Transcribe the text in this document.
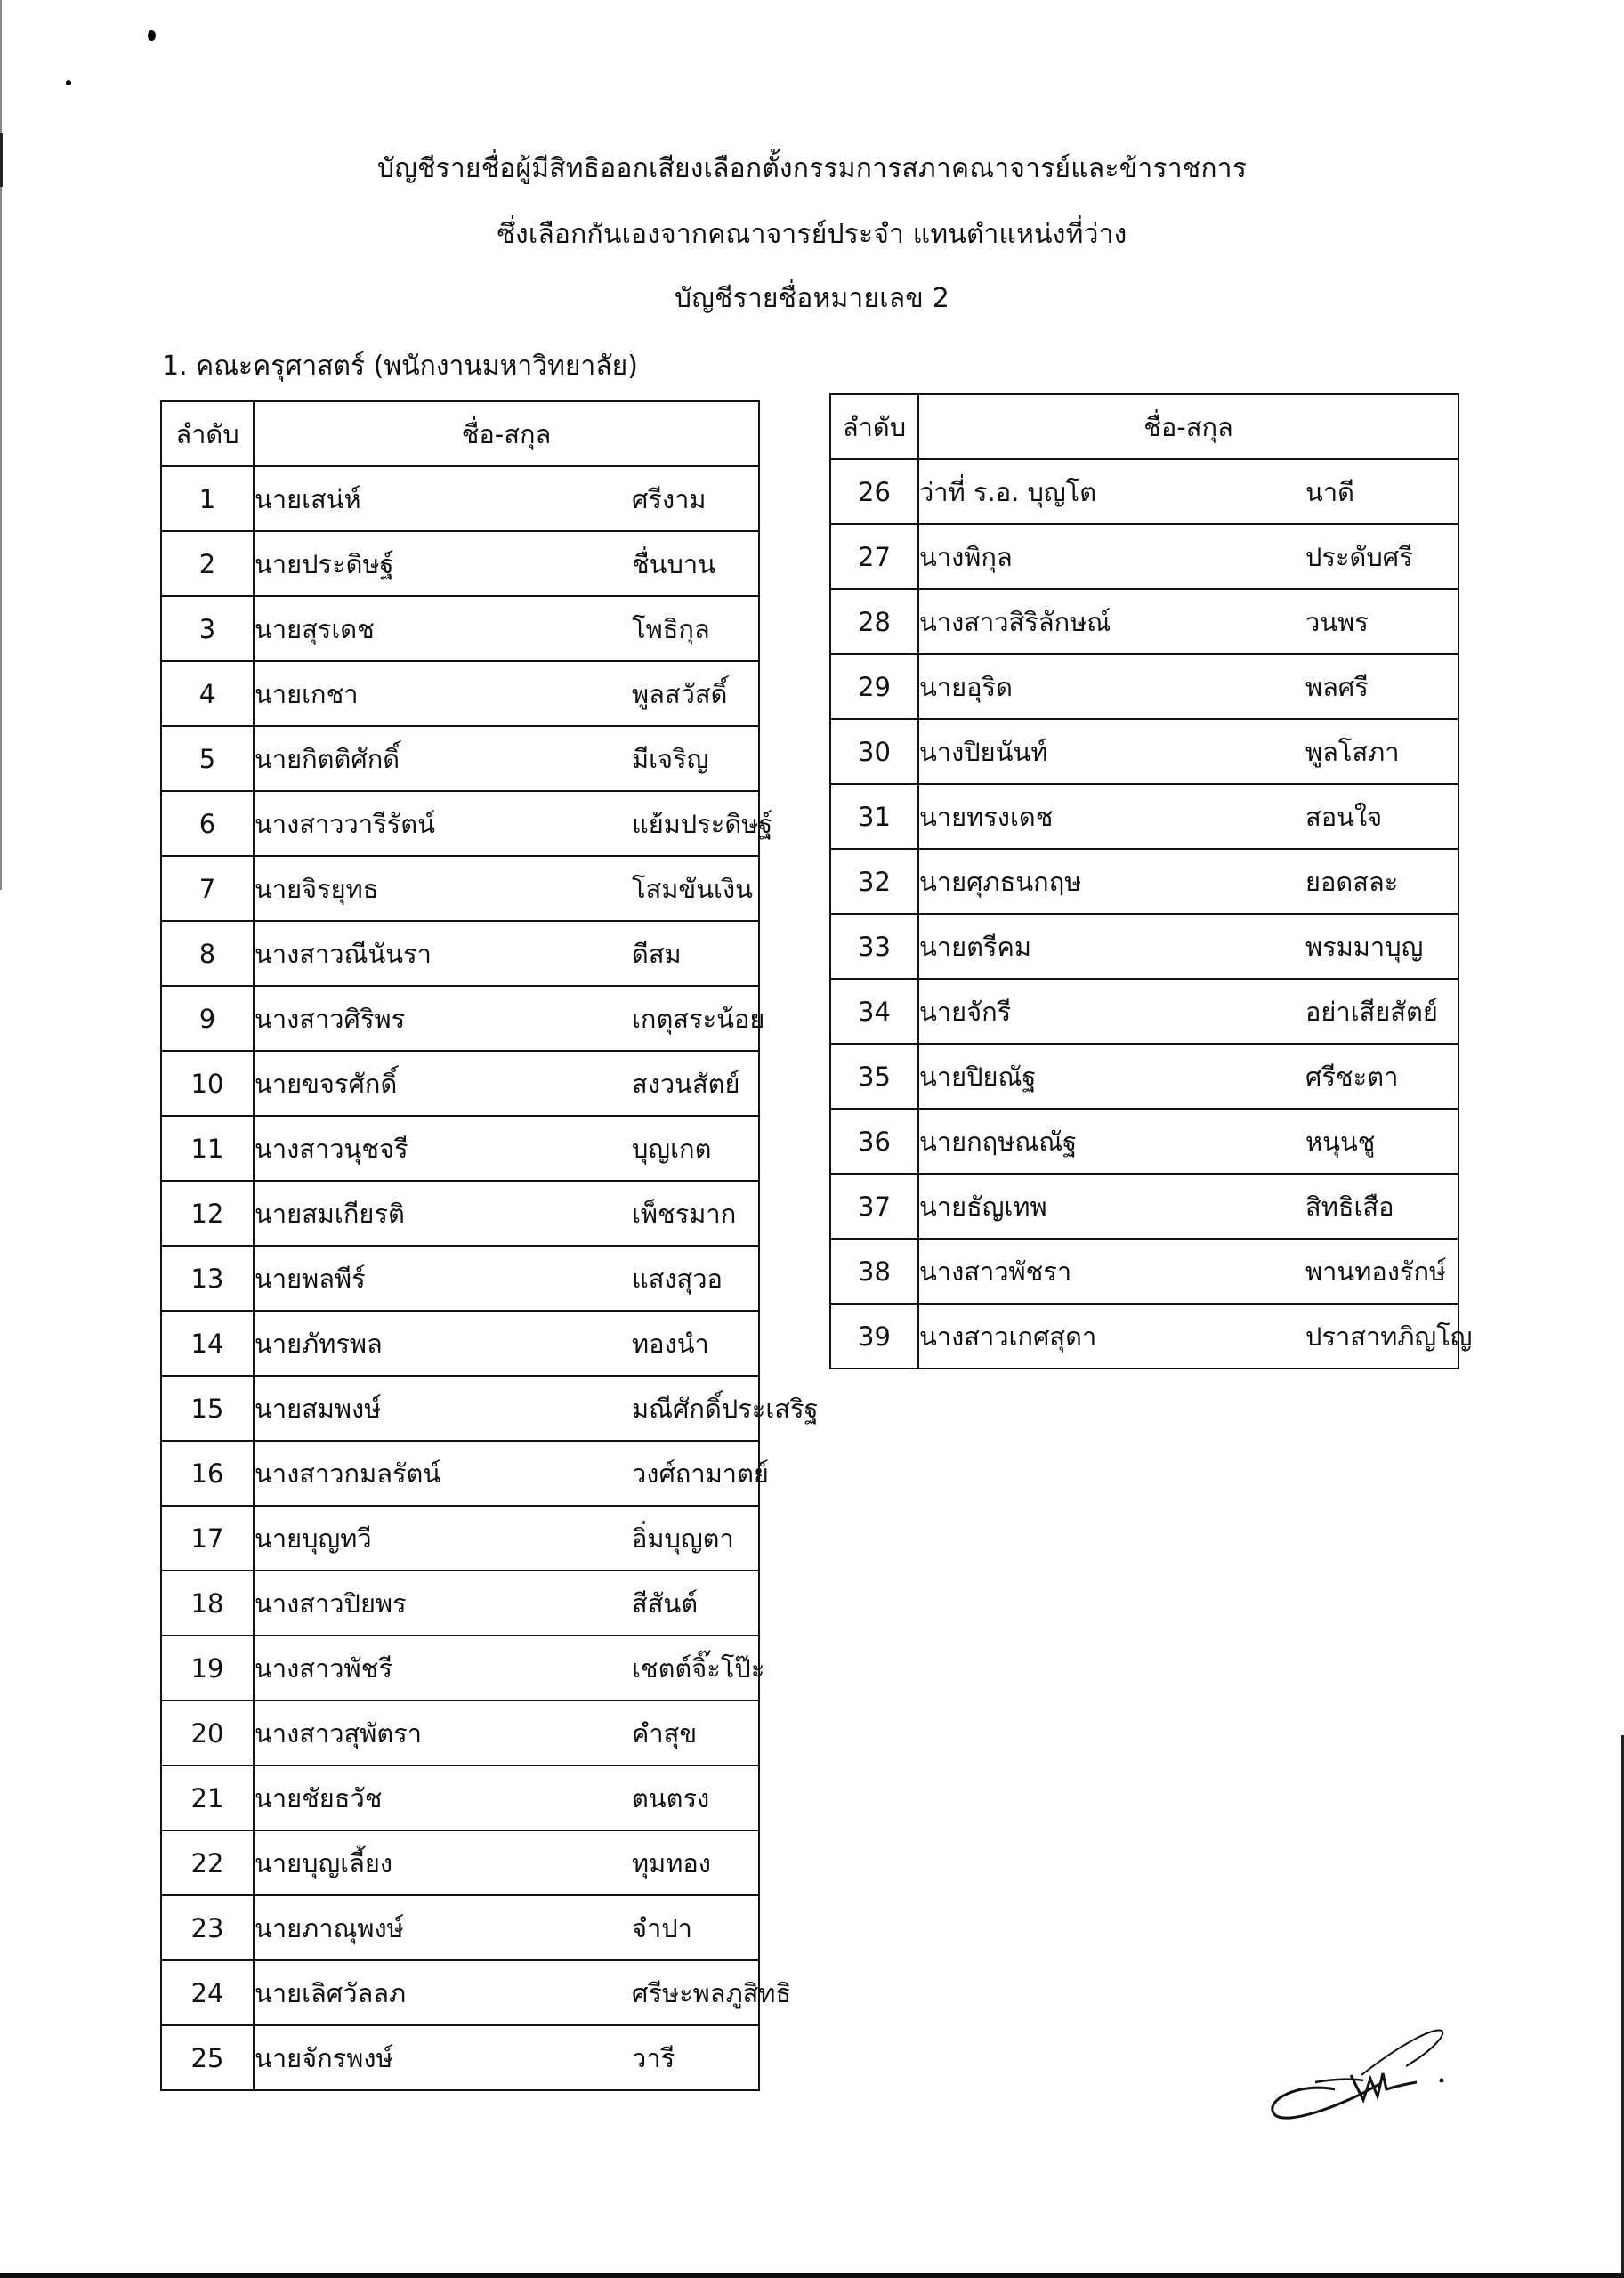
บัญชีรายชื่อผู้มีสิทธิออกเสียงเลือกตั้งกรรมการสภาคณาจารย์และข้าราชการ
ซึ่งเลือกกันเองจากคณาจารย์ประจำ แทนตำแหน่งที่ว่าง
บัญชีรายชื่อหมายเลข 2
1. คณะครุศาสตร์ (พนักงานมหาวิทยาลัย)
ลำดับ	ชื่อ-สกุล
1	นายเสน่ห์ ศรีงาม

2	นายประดิษฐ์ ชื่นบาน

3	นายสุรเดช โพธิกุล

4	นายเกชา พูลสวัสดิ์

5	นายกิตติศักดิ์ มีเจริญ

6	นางสาววารีรัตน์ แย้มประดิษฐ์

7	นายจิรยุทธ โสมขันเงิน

8	นางสาวณีนันรา ดีสม

9	นางสาวศิริพร เกตุสระน้อย

10	นายขจรศักดิ์ สงวนสัตย์

11	นางสาวนุชจรี บุญเกต

12	นายสมเกียรติ เพ็ชรมาก

13	นายพลพีร์ แสงสุวอ

14	นายภัทรพล ทองนำ

15	นายสมพงษ์ มณีศักดิ์ประเสริฐ

16	นางสาวกมลรัตน์ วงศ์ถามาตย์

17	นายบุญทวี อิ่มบุญตา

18	นางสาวปิยพร สีสันต์

19	นางสาวพัชรี เชตต์จิ๊ะโป๊ะ

20	นางสาวสุพัตรา คำสุข

21	นายชัยธวัช ตนตรง

22	นายบุญเลี้ยง ทุมทอง

23	นายภาณุพงษ์ จำปา

24	นายเลิศวัลลภ ศรีษะพลภูสิทธิ

25	นายจักรพงษ์ วารี
ลำดับ	ชื่อ-สกุล
26	ว่าที่ ร.อ. บุญโต นาดี

27	นางพิกุล ประดับศรี

28	นางสาวสิริลักษณ์ วนพร

29	นายอุริด พลศรี

30	นางปิยนันท์ พูลโสภา

31	นายทรงเดช สอนใจ

32	นายศุภธนกฤษ ยอดสละ

33	นายตรีคม พรมมาบุญ

34	นายจักรี อย่าเสียสัตย์

35	นายปิยณัฐ ศรีชะตา

36	นายกฤษณณัฐ หนุนชู

37	นายธัญเทพ สิทธิเสือ

38	นางสาวพัชรา พานทองรักษ์

39	นางสาวเกศสุดา ปราสาทภิญโญ
